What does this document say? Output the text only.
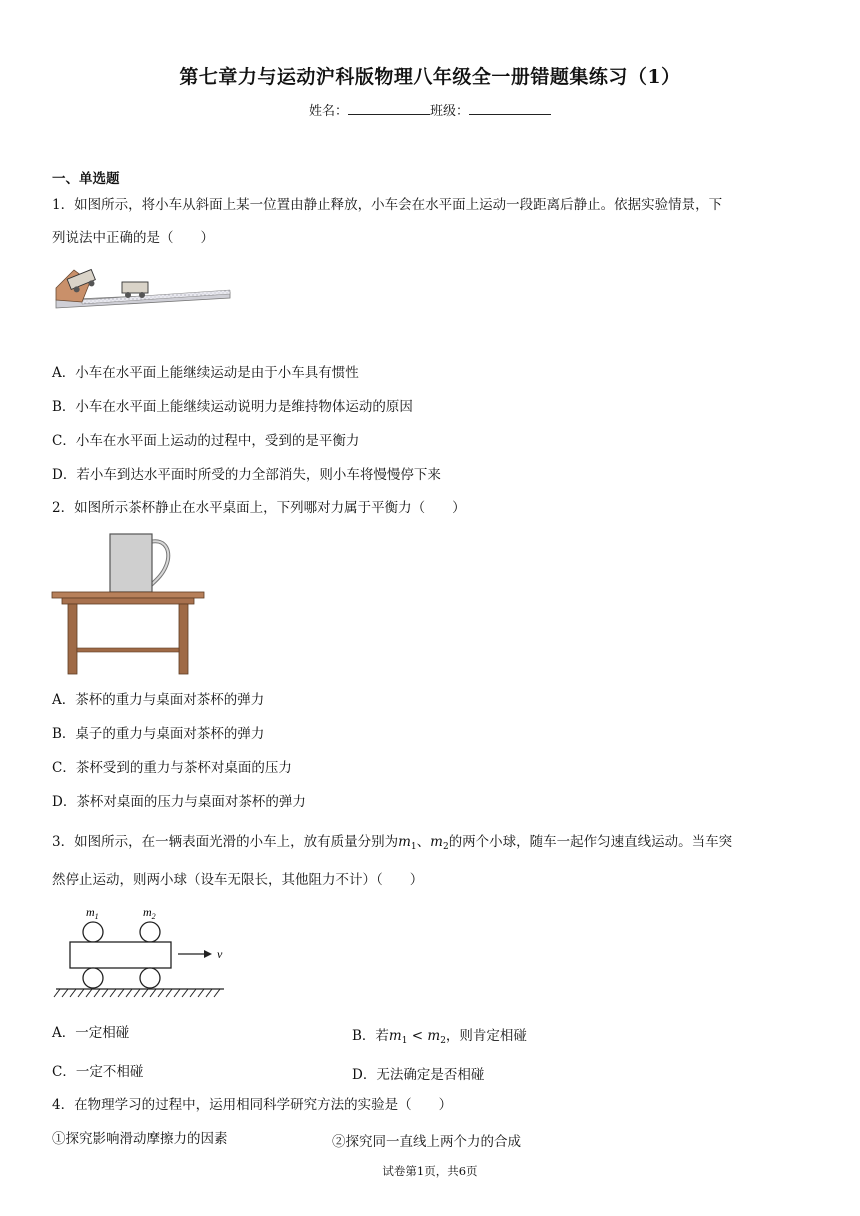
第七章力与运动沪科版物理八年级全一册错题集练习（1）
姓名：	班级：
一、单选题
1．如图所示，将小车从斜面上某一位置由静止释放，小车会在水平面上运动一段距离后静止。依据实验情景，下
列说法中正确的是（　　）
A．小车在水平面上能继续运动是由于小车具有惯性
B．小车在水平面上能继续运动说明力是维持物体运动的原因
C．小车在水平面上运动的过程中，受到的是平衡力
D．若小车到达水平面时所受的力全部消失，则小车将慢慢停下来
2．如图所示茶杯静止在水平桌面上，下列哪对力属于平衡力（　　）
A．茶杯的重力与桌面对茶杯的弹力
B．桌子的重力与桌面对茶杯的弹力
C．茶杯受到的重力与茶杯对桌面的压力
D．茶杯对桌面的压力与桌面对茶杯的弹力
3．如图所示，在一辆表面光滑的小车上，放有质量分别为$m_1$、$m_2$的两个小球，随车一起作匀速直线运动。当车突
然停止运动，则两小球（设车无限长，其他阻力不计）（　　）
$m_1$	$m_2$
v
A．一定相碰	B．若$m_1 < m_2$，则肯定相碰
C．一定不相碰	D．无法确定是否相碰
4．在物理学习的过程中，运用相同科学研究方法的实验是（　　）
①探究影响滑动摩擦力的因素	②探究同一直线上两个力的合成
试卷第1页，共6页
